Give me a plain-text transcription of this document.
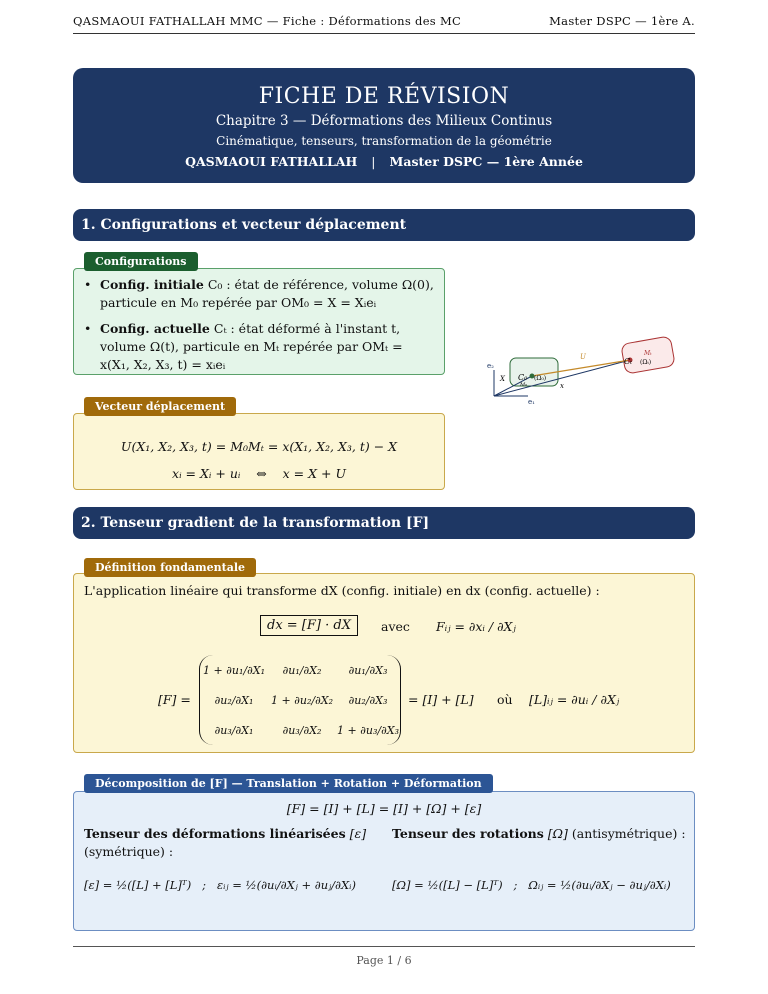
QASMAOUI FATHALLAH MMC — Fiche : Déformations des MC	Master DSPC — 1ère A.
FICHE DE RÉVISION
Chapitre 3 — Déformations des Milieux Continus
Cinématique, tenseurs, transformation de la géométrie
QASMAOUI FATHALLAH | Master DSPC — 1ère Année
1. Configurations et vecteur déplacement
Configurations
• Config. initiale C₀ : état de référence, volume Ω(0), particule en M₀ repérée par OM₀ = X = Xᵢeᵢ
• Config. actuelle Cₜ : état déformé à l'instant t, volume Ω(t), particule en Mₜ repérée par OMₜ = x(X₁, X₂, X₃, t) = xᵢeᵢ	e₂
e₁
X
x
U
C₀ (Ω₀)
M₀
Cₜ (Ωₜ)
Mₜ
Vecteur déplacement
U(X₁, X₂, X₃, t) = M₀Mₜ = x(X₁, X₂, X₃, t) − X
xᵢ = Xᵢ + uᵢ    ⇔    x = X + U
2. Tenseur gradient de la transformation [F]
Définition fondamentale
L'application linéaire qui transforme dX (config. initiale) en dx (config. actuelle) :
dx = [F] · dX	avec Fᵢⱼ = ∂xᵢ / ∂Xⱼ
[F] =
1 + ∂u₁/∂X₁	∂u₁/∂X₂	∂u₁/∂X₃
∂u₂/∂X₁	1 + ∂u₂/∂X₂	∂u₂/∂X₃
∂u₃/∂X₁	∂u₃/∂X₂	1 + ∂u₃/∂X₃
= [I] + [L] où [L]ᵢⱼ = ∂uᵢ / ∂Xⱼ
Décomposition de [F] — Translation + Rotation + Déformation
[F] = [I] + [L] = [I] + [Ω] + [ε]
Tenseur des déformations linéarisées [ε] (symétrique) :
[ε] = ½([L] + [L]ᵀ)   ;   εᵢⱼ = ½(∂uᵢ/∂Xⱼ + ∂uⱼ/∂Xᵢ)
Tenseur des rotations [Ω] (antisymétrique) :
[Ω] = ½([L] − [L]ᵀ)   ;   Ωᵢⱼ = ½(∂uᵢ/∂Xⱼ − ∂uⱼ/∂Xᵢ)
Page 1 / 6
